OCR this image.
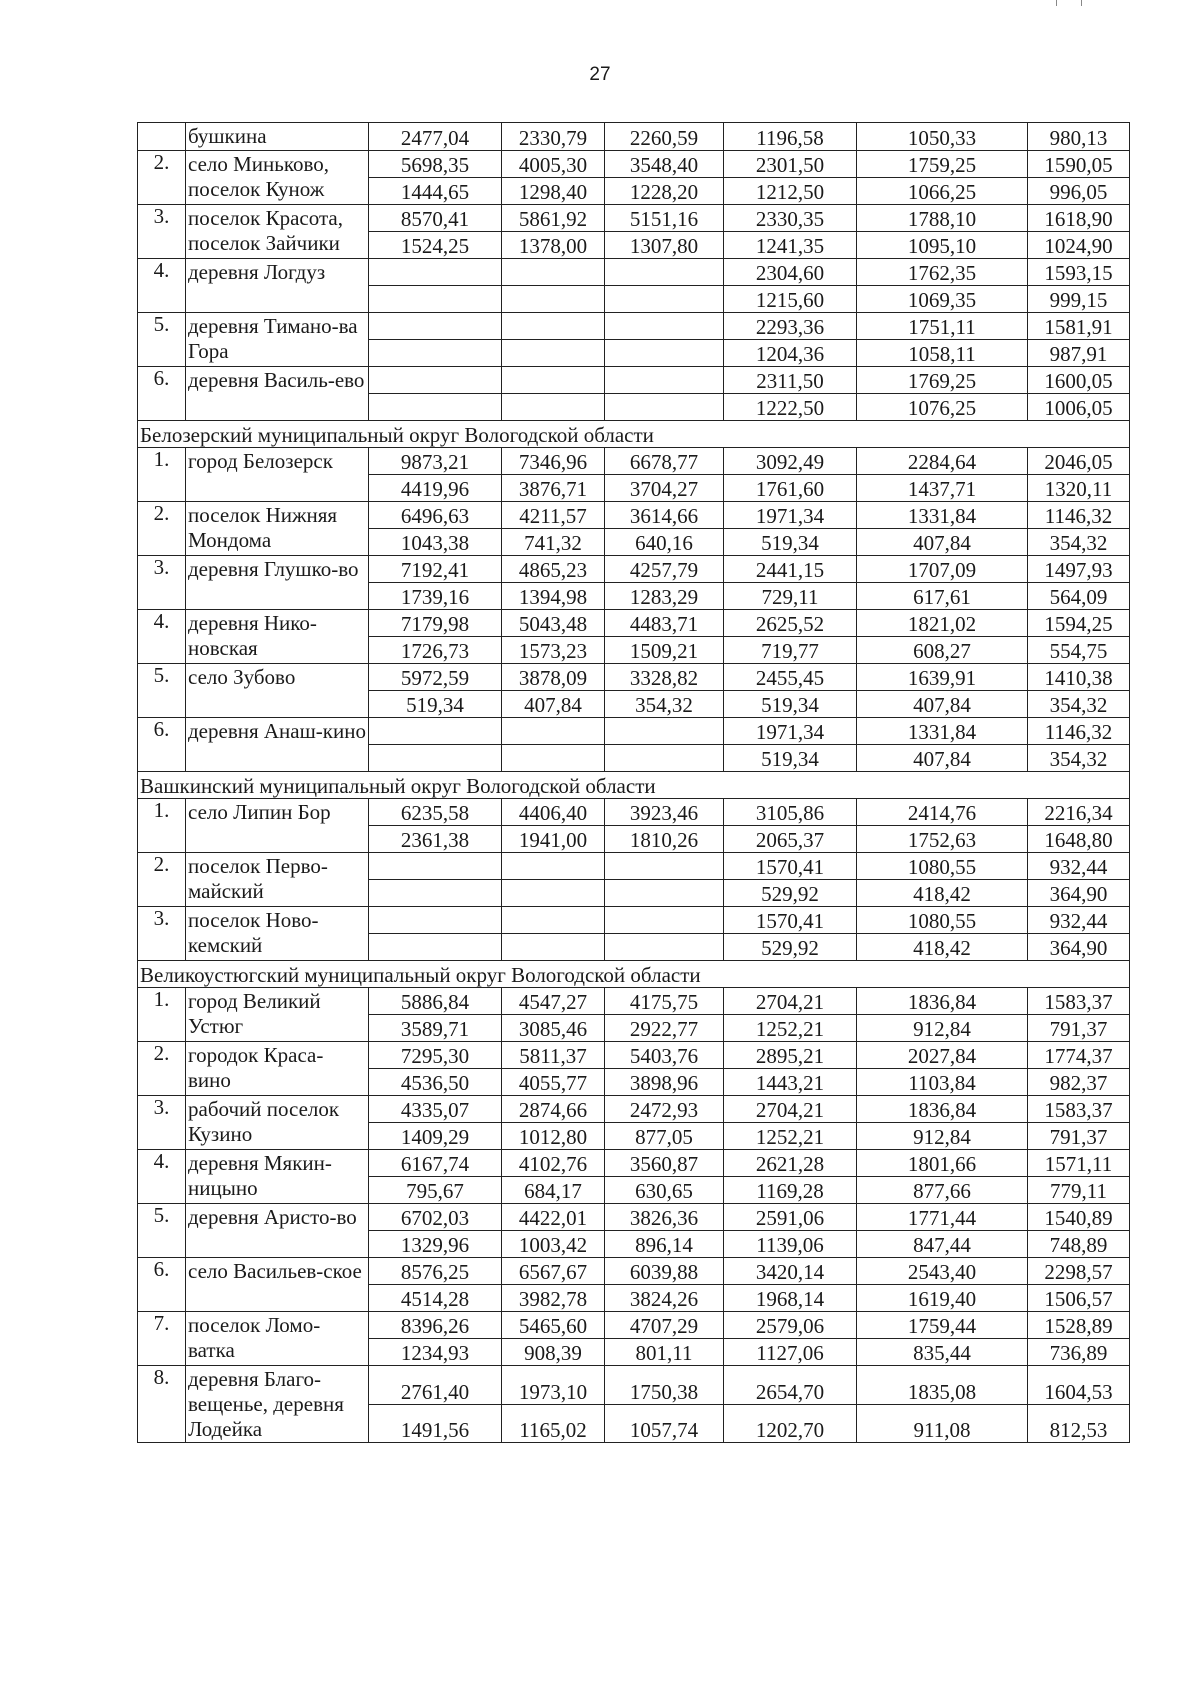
27
	бушкина	2477,04	2330,79	2260,59	1196,58	1050,33	980,13
2.	село Миньково, поселок Кунож	5698,35	4005,30	3548,40	2301,50	1759,25	1590,05
		1444,65	1298,40	1228,20	1212,50	1066,25	996,05
3.	поселок Красота, поселок Зайчики	8570,41	5861,92	5151,16	2330,35	1788,10	1618,90
		1524,25	1378,00	1307,80	1241,35	1095,10	1024,90
4.	деревня Логдуз				2304,60	1762,35	1593,15
					1215,60	1069,35	999,15
5.	деревня Тимано-ва Гора				2293,36	1751,11	1581,91
					1204,36	1058,11	987,91
6.	деревня Василь-ево				2311,50	1769,25	1600,05
					1222,50	1076,25	1006,05
Белозерский муниципальный округ Вологодской области							
1.	город Белозерск	9873,21	7346,96	6678,77	3092,49	2284,64	2046,05
		4419,96	3876,71	3704,27	1761,60	1437,71	1320,11
2.	поселок Нижняя Мондома	6496,63	4211,57	3614,66	1971,34	1331,84	1146,32
		1043,38	741,32	640,16	519,34	407,84	354,32
3.	деревня Глушко-во	7192,41	4865,23	4257,79	2441,15	1707,09	1497,93
		1739,16	1394,98	1283,29	729,11	617,61	564,09
4.	деревня Нико-новская	7179,98	5043,48	4483,71	2625,52	1821,02	1594,25
		1726,73	1573,23	1509,21	719,77	608,27	554,75
5.	село Зубово	5972,59	3878,09	3328,82	2455,45	1639,91	1410,38
		519,34	407,84	354,32	519,34	407,84	354,32
6.	деревня Анаш-кино				1971,34	1331,84	1146,32
					519,34	407,84	354,32
Вашкинский муниципальный округ Вологодской области							
1.	село Липин Бор	6235,58	4406,40	3923,46	3105,86	2414,76	2216,34
		2361,38	1941,00	1810,26	2065,37	1752,63	1648,80
2.	поселок Перво-майский				1570,41	1080,55	932,44
					529,92	418,42	364,90
3.	поселок Ново-кемский				1570,41	1080,55	932,44
					529,92	418,42	364,90
Великоустюгский муниципальный округ Вологодской области							
1.	город Великий Устюг	5886,84	4547,27	4175,75	2704,21	1836,84	1583,37
		3589,71	3085,46	2922,77	1252,21	912,84	791,37
2.	городок Краса-вино	7295,30	5811,37	5403,76	2895,21	2027,84	1774,37
		4536,50	4055,77	3898,96	1443,21	1103,84	982,37
3.	рабочий поселок Кузино	4335,07	2874,66	2472,93	2704,21	1836,84	1583,37
		1409,29	1012,80	877,05	1252,21	912,84	791,37
4.	деревня Мякин-ницыно	6167,74	4102,76	3560,87	2621,28	1801,66	1571,11
		795,67	684,17	630,65	1169,28	877,66	779,11
5.	деревня Аристо-во	6702,03	4422,01	3826,36	2591,06	1771,44	1540,89
		1329,96	1003,42	896,14	1139,06	847,44	748,89
6.	село Васильев-ское	8576,25	6567,67	6039,88	3420,14	2543,40	2298,57
		4514,28	3982,78	3824,26	1968,14	1619,40	1506,57
7.	поселок Ломо-ватка	8396,26	5465,60	4707,29	2579,06	1759,44	1528,89
		1234,93	908,39	801,11	1127,06	835,44	736,89
8.	деревня Благо-вещенье, деревня Лодейка	2761,40	1973,10	1750,38	2654,70	1835,08	1604,53
		1491,56	1165,02	1057,74	1202,70	911,08	812,53
